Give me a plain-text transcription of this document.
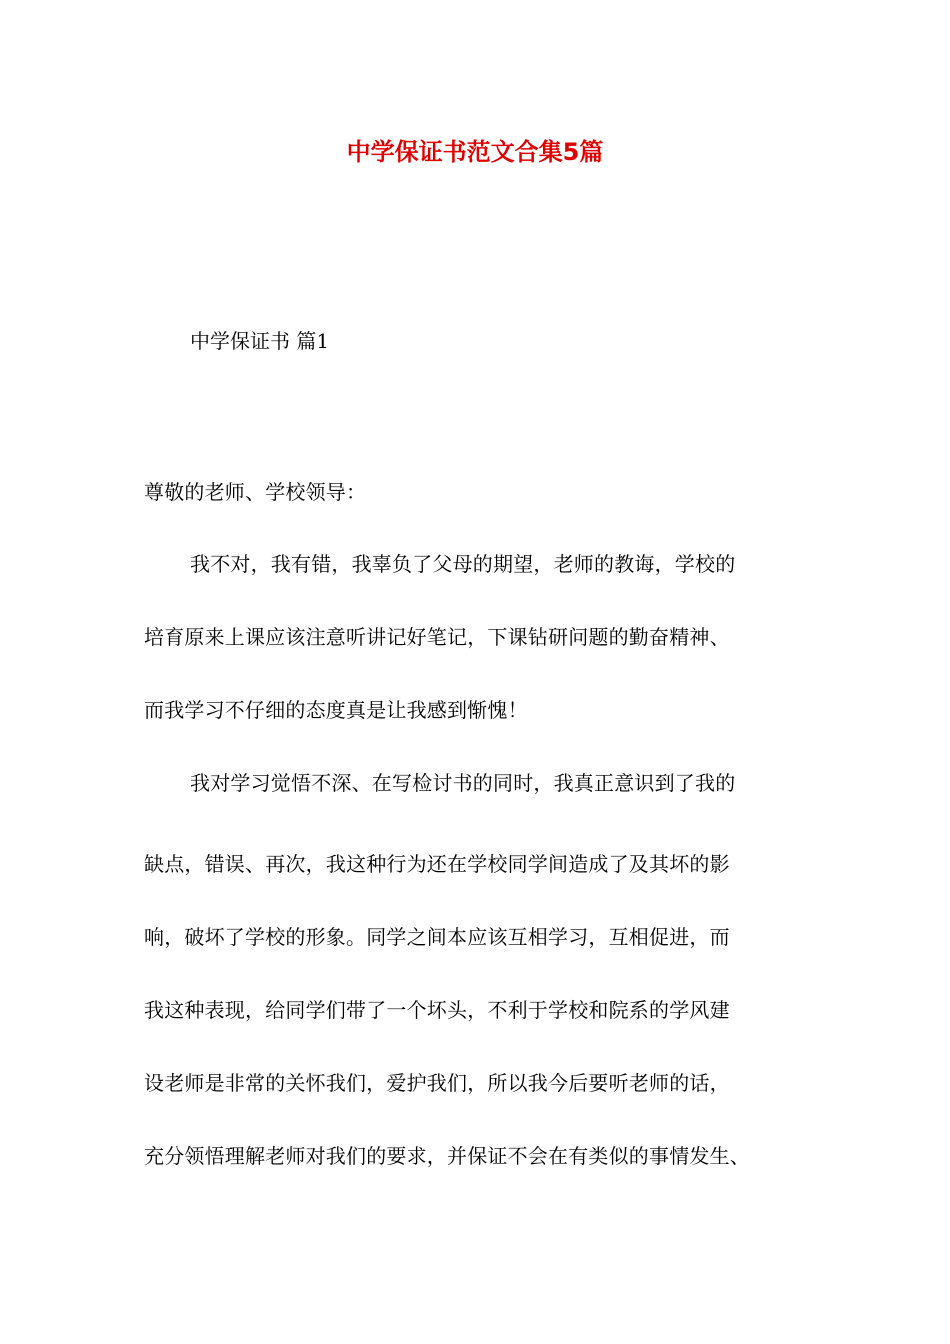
中学保证书范文合集5篇
中学保证书 篇1
尊敬的老师、学校领导：
我不对，我有错，我辜负了父母的期望，老师的教诲，学校的
培育原来上课应该注意听讲记好笔记，下课钻研问题的勤奋精神、
而我学习不仔细的态度真是让我感到惭愧！
我对学习觉悟不深、在写检讨书的同时，我真正意识到了我的
缺点，错误、再次，我这种行为还在学校同学间造成了及其坏的影
响，破坏了学校的形象。同学之间本应该互相学习，互相促进，而
我这种表现，给同学们带了一个坏头，不利于学校和院系的学风建
设老师是非常的关怀我们，爱护我们，所以我今后要听老师的话，
充分领悟理解老师对我们的要求，并保证不会在有类似的事情发生、
